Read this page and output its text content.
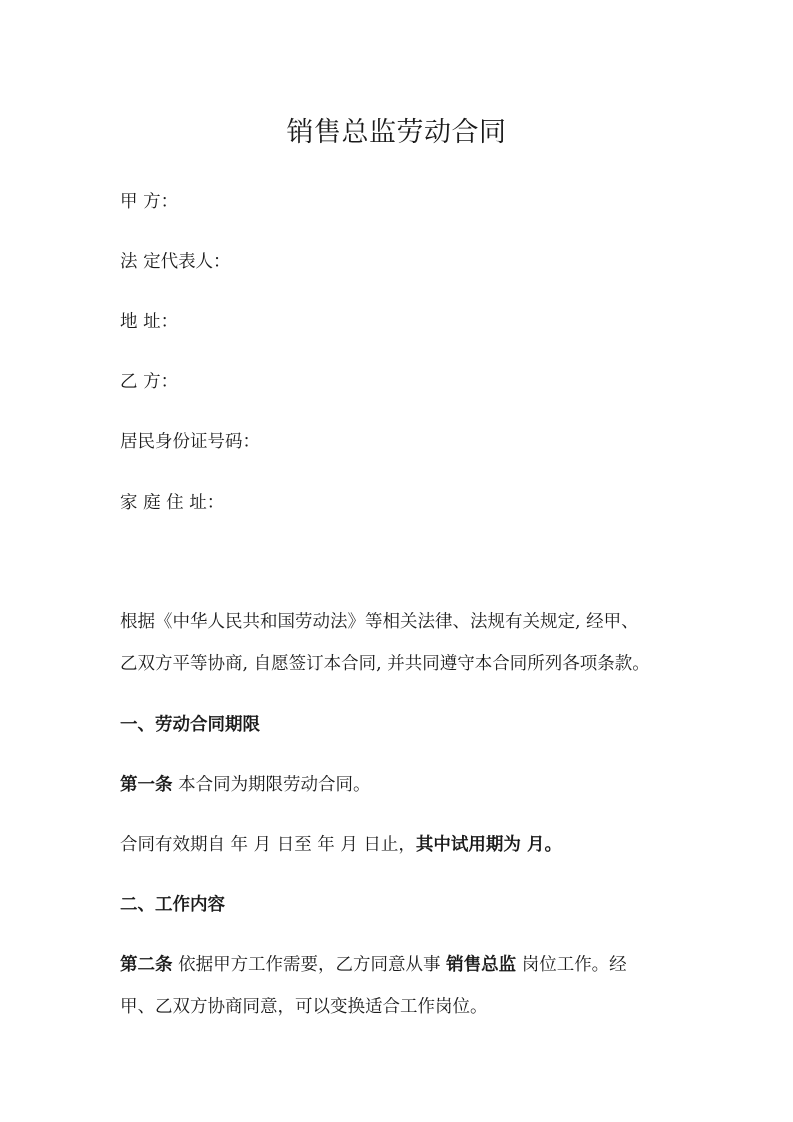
销售总监劳动合同
甲 方：
法 定代表人：
地 址：
乙 方：
居民身份证号码：
家 庭 住 址：
根据《中华人民共和国劳动法》等相关法律、法规有关规定, 经甲、
乙双方平等协商, 自愿签订本合同, 并共同遵守本合同所列各项条款。
一、劳动合同期限
第一条 本合同为期限劳动合同。
合同有效期自 年 月 日至 年 月 日止，其中试用期为 月。
二、工作内容
第二条 依据甲方工作需要，乙方同意从事 销售总监 岗位工作。经
甲、乙双方协商同意，可以变换适合工作岗位。
